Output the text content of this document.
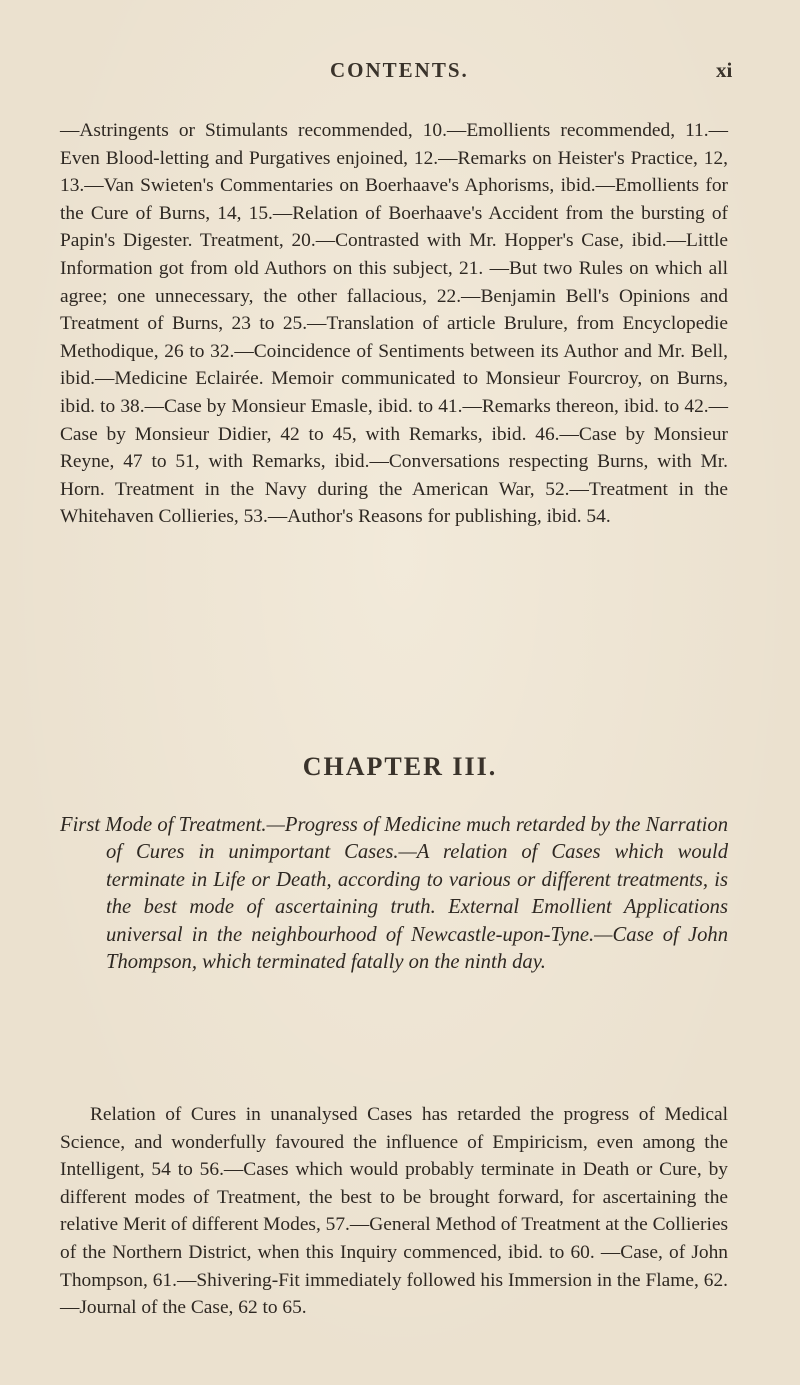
CONTENTS.	xi

—Astringents or Stimulants recommended, 10.—Emollients recommended, 11.—Even Blood-letting and Purgatives enjoined, 12.—Remarks on Heister's Practice, 12, 13.—Van Swieten's Commentaries on Boerhaave's Aphorisms, ibid.—Emollients for the Cure of Burns, 14, 15.—Relation of Boerhaave's Accident from the bursting of Papin's Digester. Treatment, 20.—Contrasted with Mr. Hopper's Case, ibid.—Little Information got from old Authors on this subject, 21. —But two Rules on which all agree; one unnecessary, the other fallacious, 22.—Benjamin Bell's Opinions and Treatment of Burns, 23 to 25.—Translation of article Brulure, from Encyclopedie Methodique, 26 to 32.—Coincidence of Sentiments between its Author and Mr. Bell, ibid.—Medicine Eclairée. Memoir communicated to Monsieur Fourcroy, on Burns, ibid. to 38.—Case by Monsieur Emasle, ibid. to 41.—Remarks thereon, ibid. to 42.—Case by Monsieur Didier, 42 to 45, with Remarks, ibid. 46.—Case by Monsieur Reyne, 47 to 51, with Remarks, ibid.—Conversations respecting Burns, with Mr. Horn. Treatment in the Navy during the American War, 52.—Treatment in the Whitehaven Collieries, 53.—Author's Reasons for publishing, ibid. 54.

CHAPTER III.

First Mode of Treatment.—Progress of Medicine much retarded by the Narration of Cures in unimportant Cases.—A relation of Cases which would terminate in Life or Death, according to various or different treatments, is the best mode of ascertaining truth. External Emollient Applications universal in the neighbourhood of Newcastle-upon-Tyne.—Case of John Thompson, which terminated fatally on the ninth day.

Relation of Cures in unanalysed Cases has retarded the progress of Medical Science, and wonderfully favoured the influence of Empiricism, even among the Intelligent, 54 to 56.—Cases which would probably terminate in Death or Cure, by different modes of Treatment, the best to be brought forward, for ascertaining the relative Merit of different Modes, 57.—General Method of Treatment at the Collieries of the Northern District, when this Inquiry commenced, ibid. to 60. —Case, of John Thompson, 61.—Shivering-Fit immediately followed his Immersion in the Flame, 62.—Journal of the Case, 62 to 65.
